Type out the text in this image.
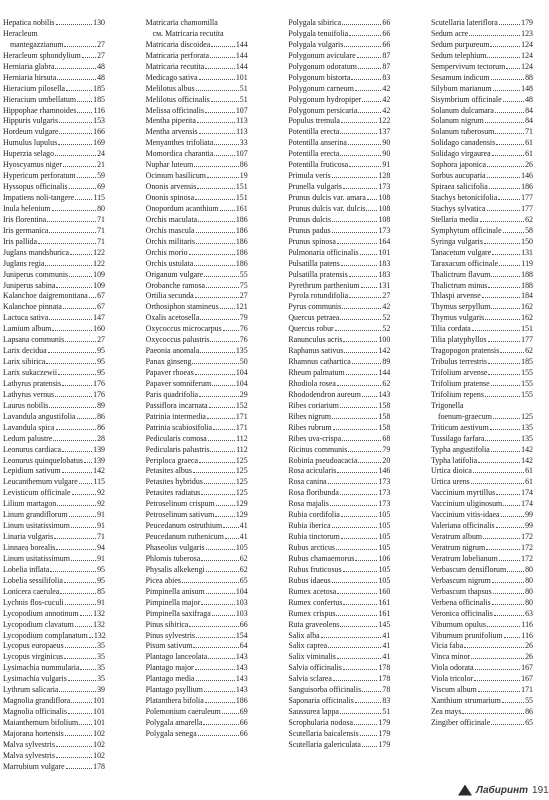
Hepatica nobilis	130
Heracleum
mantegazzianum	27
Heracleum sphondylium 27
Herniaria glabra	48
Herniaria hirsuta	48
Hieracium pilosella	185
Hieracium umbellatum 185
Hippophae rhamnoides 116
Hippuris vulgaris	153
Hordeum vulgare	166
Humulus lupulus	169
Huperzia selago	24
Hyoscyamus niger	21
Hypericum perforatum	59
Hyssopus officinalis	69
Impatiens noli-tangere 115
Inula helenium	80
Iris florentina	71
Iris germanica	71
Iris pallida	71
Juglans mandshurica	122
Juglans regia	122
Juniperus communis	109
Juniperus sabina	109
Kalanchoe daigremontiana 67
Kalanchoe pinnata	67
Lactuca sativa	147
Lamium album	160
Lapsana communis	27
Larix decidua	95
Larix sibirica	95
Larix sukaczewii	95
Lathyrus pratensis	176
Lathyrus vernus	176
Laurus nobilis	89
Lavandula angustifolia	86
Lavandula spica	86
Ledum palustre	28
Leonurus cardiaca	139
Leonurus quinquelobatus 139
Lepidium sativum	142
Leucanthemum vulgare 115
Levisticum officinale	92
Lilium martagon	92
Linum grandiflorum	91
Linum usitatissimum	91
Linaria vulgaris	71
Linnaea borealis	94
Linum usitatissimum	91
Lobelia inflata	95
Lobelia sessilifolia	95
Lonicera caerulea	85
Lychnis flos-cuculi	91
Lycopodium annotinum 132
Lycopodium clavatum 132
Lycopodium complanatum 132
Lycopus europaeus	35
Lycopus virginicus	35
Lysimachia nummularia 35
Lysimachia vulgaris	35
Lythrum salicaria	39
Magnolia grandiflora	101
Magnolia officinalis	101
Maianthemum bifolium 101
Majorana hortensis	102
Malva sylvestris	102
Malva sylvestris	102
Marrubium vulgare	178
Matricaria chamomilla
см. Matricaria recutita
Matricaria discoidea	144
Matricaria perforata	144
Matricaria recutita	144
Medicago sativa	101
Melilotus albus	51
Melilotus officinalis	51
Melissa officinalis	107
Mentha piperita	113
Mentha arvensis	113
Menyanthes trifoliata	33
Momordica charantia	107
Nuphar luteum	86
Ocimum basilicum	19
Ononis arvensis	151
Ononis spinosa	151
Onopordum acanthium 161
Orchis maculata	186
Orchis mascula	186
Orchis militaris	186
Orchis morio	186
Orchis ustulata	186
Origanum vulgare	55
Orobanche ramosa	75
Ortilia secunda	27
Orthosiphon stamineus 121
Oxalis acetosella	79
Oxycoccus microcarpus 76
Oxycoccus palustris	76
Paeonia anomala	135
Panax ginseng	50
Papaver rhoeas	104
Papaver somniferum	104
Paris quadrifolia	29
Passiflora incarnata	152
Patrinia intermedia	171
Patrinia scabiosifolia	171
Pedicularis comosa	112
Pedicularis palustris	112
Periploca graeca	125
Petasites albus	125
Petasites hybridus	125
Petasites radiatus	125
Petroselinum crispum	129
Petroselinum sativum	129
Peucedanum ostruthium 41
Peucedanum ruthenicum 41
Phaseolus vulgaris	105
Phlomis tuberosa	62
Physalis alkekengi	62
Picea abies	65
Pimpinella anisum	104
Pimpinella major	103
Pimpinella saxifraga	103
Pinus sibirica	66
Pinus sylvestris	154
Pisum sativum	64
Plantago lanceolata	143
Plantago major	143
Plantago media	143
Plantago psyllium	143
Platanthera bifolia	186
Polemonium caeruleum 69
Polygala amarella	66
Polygala senega	66
Polygala sibirica	66
Polygala tenuifolia	66
Polygala vulgaris	66
Polygonum aviculare	87
Polygonum odoratum	87
Polygonum bistorta	83
Polygonum carneum	42
Polygonum hydropiper	42
Polygonum persicaria	42
Populus tremula	122
Potentilla erecta	137
Potentilla anserina	90
Potentilla erecta	90
Potentilla fruticosa	91
Primula veris	128
Prunella vulgaris	173
Prunus dulcis var. amara 108
Prunus dulcis var. dulcis 108
Prunus dulcis	108
Prunus padus	173
Prunus spinosa	164
Pulmonaria officinalis	101
Pulsatilla patens	183
Pulsatilla pratensis	183
Pyrethrum parthenium 131
Pyrola rotundifolia	27
Pyrus communis	42
Quercus petraea	52
Quercus robur	52
Ranunculus acris	100
Raphanus sativus	142
Rhamnus cathartica	89
Rheum palmatum	144
Rhodiola rosea	62
Rhododendron aureum 143
Ribes coriarium	158
Ribes nigrum	158
Ribes rubrum	158
Ribes uva-crispa	68
Ricinus communis	79
Robinia pseudoacacia	20
Rosa acicularis	146
Rosa canina	173
Rosa floribunda	173
Rosa majalis	173
Rubia cordifolia	105
Rubia iberica	105
Rubia tinctorum	105
Rubus arcticus	105
Rubus chamaemorus	106
Rubus fruticosus	105
Rubus idaeus	105
Rumex acetosa	160
Rumex confertus	161
Rumex crispus	161
Ruta graveolens	145
Salix alba	41
Salix caprea	41
Salix viminalis	41
Salvia officinalis	178
Salvia sclarea	178
Sanguisorba officinalis	78
Saponaria officinalis	83
Saussurea lappa	51
Scrophularia nodosa	179
Scutellaria baicalensis	179
Scutellaria galericulata 179
Scutellaria lateriflora	179
Sedum acre	123
Sedum purpureum	124
Sedum telephium	124
Sempervivum tectorum 124
Sesamum indicum	88
Silybum marianum	148
Sisymbrium officinale	48
Solanum dulcamara	84
Solanum nigrum	84
Solanum tuberosum	71
Solidago canadensis	61
Solidago virgaurea	61
Sophora japonica	26
Sorbus aucuparia	146
Spiraea salicifolia	186
Stachys betonicifolia	177
Stachys sylvatica	177
Stellaria media	62
Symphytum officinale	58
Syringa vulgaris	150
Tanacetum vulgare	131
Taraxacum officinale	119
Thalictrum flavum	188
Thalictrum minus	188
Thlaspi arvense	184
Thymus serpyllum	162
Thymus vulgaris	162
Tilia cordata	151
Tilia platyphyllos	177
Tragopogon pratensis	62
Tribulus terrestris	185
Trifolium arvense	155
Trifolium pratense	155
Trifolium repens	155
Trigonella
foenum-graecum	125
Triticum aestivum	135
Tussilago farfara	135
Typha angustifolia	142
Typha latifolia	142
Urtica dioica	61
Urtica urens	61
Vaccinium myrtillus	174
Vaccinium uliginosum 174
Vaccinium vitis-idaea	99
Valeriana officinalis	99
Veratrum album	172
Veratrum nigrum	172
Veratrum lobelianum	172
Verbascum densiflorum 80
Verbascum nigrum	80
Verbascum thapsus	80
Verbena officinalis	80
Veronica officinalis	63
Viburnum opulus	116
Viburnum prunifolium 116
Vicia faba	26
Vinca minor	26
Viola odorata	167
Viola tricolor	167
Viscum album	171
Xanthium strumarium	55
Zea mays	86
Zingiber officinale	65
Лабиринт 191
